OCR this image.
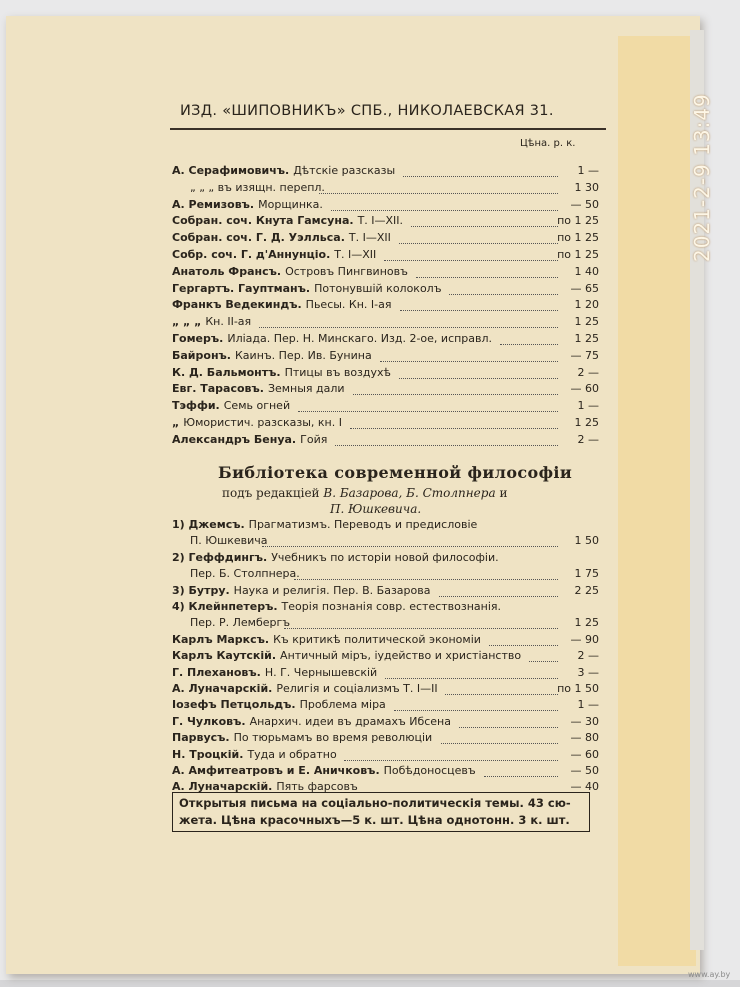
2021-2-9 13:49
ИЗД. «ШИПОВНИКЪ» СПБ., НИКОЛАЕВСКАЯ 31.
Цѣна. р. к.
А. Серафимовичъ. Дѣтскіе разсказы	1 —
„ „ „ въ изящн. перепл.	1 30
А. Ремизовъ. Морщинка.	— 50
Собран. соч. Кнута Гамсуна. Т. I—XII.	по 1 25
Собран. соч. Г. Д. Уэлльса. Т. I—XII	по 1 25
Собр. соч. Г. д'Аннунціо. Т. I—XII	по 1 25
Анатоль Франсъ. Островъ Пингвиновъ	1 40
Гергартъ. Гауптманъ. Потонувшій колоколъ	— 65
Франкъ Ведекиндъ. Пьесы. Кн. I-ая	1 20
„ „ „ Кн. II-ая	1 25
Гомеръ. Иліада. Пер. Н. Минскаго. Изд. 2-ое, исправл.	1 25
Байронъ. Каинъ. Пер. Ив. Бунина	— 75
К. Д. Бальмонтъ. Птицы въ воздухѣ	2 —
Евг. Тарасовъ. Земныя дали	— 60
Тэффи. Семь огней	1 —
„ Юмористич. разсказы, кн. I	1 25
Александръ Бенуа. Гойя	2 —
Библіотека современной философіи
подъ редакціей В. Базарова, Б. Столпнера и
П. Юшкевича.
1) Джемсъ. Прагматизмъ. Переводъ и предисловіе
П. Юшкевича	1 50
2) Геффдингъ. Учебникъ по исторіи новой философіи.
Пер. Б. Столпнера.	1 75
3) Бутру. Наука и религія. Пер. В. Базарова	2 25
4) Клейнпетеръ. Теорія познанія совр. естествознанія.
Пер. Р. Лембергъ	1 25
Карлъ Марксъ. Къ критикѣ политической экономіи	— 90
Карлъ Каутскій. Античный міръ, іудейство и христіанство	2 —
Г. Плехановъ. Н. Г. Чернышевскій	3 —
А. Луначарскій. Религія и соціализмъ Т. I—II	по 1 50
Іозефъ Петцольдъ. Проблема міра	1 —
Г. Чулковъ. Анархич. идеи въ драмахъ Ибсена	— 30
Парвусъ. По тюрьмамъ во время революціи	— 80
Н. Троцкій. Туда и обратно	— 60
А. Амфитеатровъ и Е. Аничковъ. Побѣдоносцевъ	— 50
А. Луначарскій. Пять фарсовъ	— 40
Открытыя письма на соціально-политическія темы. 43 сю-
жета. Цѣна красочныхъ—5 к. шт. Цѣна однотонн. 3 к. шт.
www.ay.by
